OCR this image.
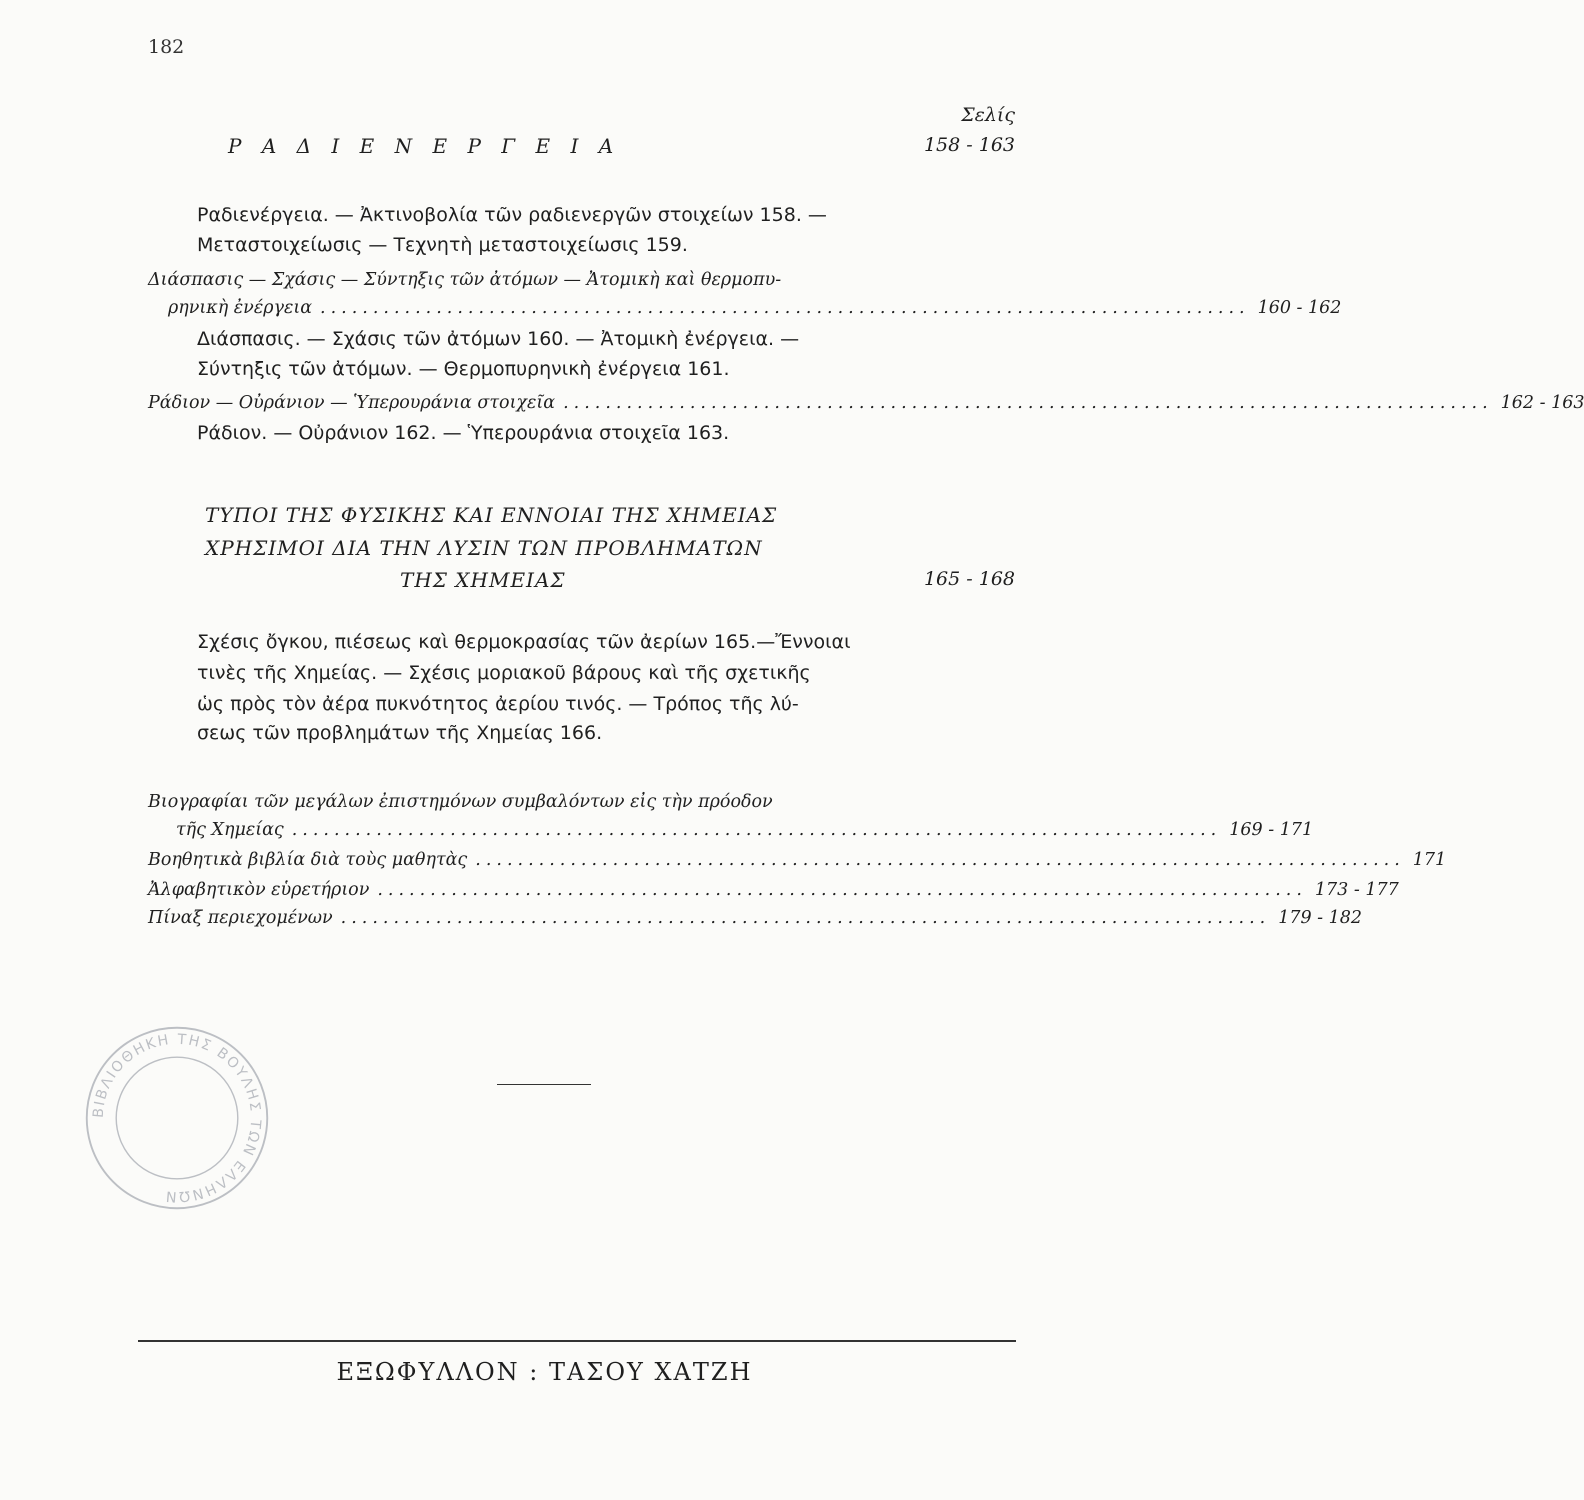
182
Σελίς
Ρ Α Δ Ι Ε Ν Ε Ρ Γ Ε Ι Α	158 - 163
Ραδιενέργεια. — Ἀκτινοβολία τῶν ραδιενεργῶν στοιχείων 158. —
Μεταστοιχείωσις — Τεχνητὴ μεταστοιχείωσις 159.
Διάσπασις — Σχάσις — Σύντηξις τῶν ἀτόμων — Ἀτομικὴ καὶ θερμοπυ-
ρηνικὴ ἐνέργεια ........................................................................................ 160 - 162
Διάσπασις. — Σχάσις τῶν ἀτόμων 160. — Ἀτομικὴ ἐνέργεια. —
Σύντηξις τῶν ἀτόμων. — Θερμοπυρηνικὴ ἐνέργεια 161.
Ράδιον — Οὐράνιον — Ὑπερουράνια στοιχεῖα ........................................................................................ 162 - 163
Ράδιον. — Οὐράνιον 162. — Ὑπερουράνια στοιχεῖα 163.
ΤΥΠΟΙ ΤΗΣ ΦΥΣΙΚΗΣ ΚΑΙ ΕΝΝΟΙΑΙ ΤΗΣ ΧΗΜΕΙΑΣ
ΧΡΗΣΙΜΟΙ ΔΙΑ ΤΗΝ ΛΥΣΙΝ ΤΩΝ ΠΡΟΒΛΗΜΑΤΩΝ
ΤΗΣ ΧΗΜΕΙΑΣ	165 - 168
Σχέσις ὄγκου, πιέσεως καὶ θερμοκρασίας τῶν ἀερίων 165.—Ἔννοιαι
τινὲς τῆς Χημείας. — Σχέσις μοριακοῦ βάρους καὶ τῆς σχετικῆς
ὡς πρὸς τὸν ἀέρα πυκνότητος ἀερίου τινός. — Τρόπος τῆς λύ-
σεως τῶν προβλημάτων τῆς Χημείας 166.
Βιογραφίαι τῶν μεγάλων ἐπιστημόνων συμβαλόντων εἰς τὴν πρόοδον
τῆς Χημείας ........................................................................................ 169 - 171
Βοηθητικὰ βιβλία διὰ τοὺς μαθητὰς ........................................................................................ 171
Ἀλφαβητικὸν εὑρετήριον ........................................................................................ 173 - 177
Πίναξ περιεχομένων ........................................................................................ 179 - 182
ΒΙΒΛΙΟΘΗΚΗ ΤΗΣ ΒΟΥΛΗΣ ΤΩΝ ΕΛΛΗΝΩΝ
ΕΞΩΦΥΛΛΟΝ : ΤΑΣΟΥ ΧΑΤΖΗ
